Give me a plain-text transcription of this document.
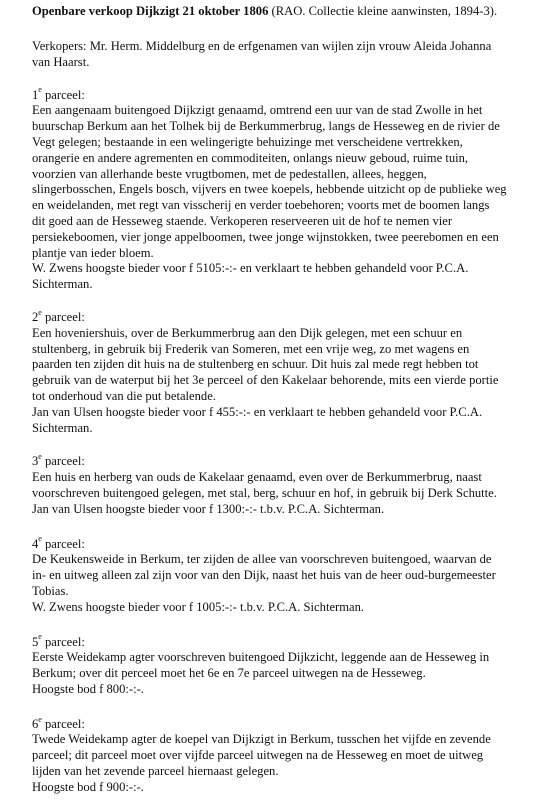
Openbare verkoop Dijkzigt 21 oktober 1806 (RAO. Collectie kleine aanwinsten, 1894-3).

Verkopers: Mr. Herm. Middelburg en de erfgenamen van wijlen zijn vrouw Aleida Johanna
van Haarst.
1e parceel:
Een aangenaam buitengoed Dijkzigt genaamd, omtrend een uur van de stad Zwolle in het
buurschap Berkum aan het Tolhek bij de Berkummerbrug, langs de Hesseweg en de rivier de
Vegt gelegen; bestaande in een welingerigte behuizinge met verscheidene vertrekken,
orangerie en andere agrementen en commoditeiten, onlangs nieuw geboud, ruime tuin,
voorzien van allerhande beste vrugtbomen, met de pedestallen, allees, heggen,
slingerbosschen, Engels bosch, vijvers en twee koepels, hebbende uitzicht op de publieke weg
en weidelanden, met regt van visscherij en verder toebehoren; voorts met de boomen langs
dit goed aan de Hesseweg staende. Verkoperen reserveeren uit de hof te nemen vier
persiekeboomen, vier jonge appelboomen, twee jonge wijnstokken, twee peerebomen en een
plantje van ieder bloem.
W. Zwens hoogste bieder voor f 5105:-:- en verklaart te hebben gehandeld voor P.C.A.
Sichterman.
2e parceel:
Een hoveniershuis, over de Berkummerbrug aan den Dijk gelegen, met een schuur en
stultenberg, in gebruik bij Frederik van Someren, met een vrije weg, zo met wagens en
paarden ten zijden dit huis na de stultenberg en schuur. Dit huis zal mede regt hebben tot
gebruik van de waterput bij het 3e perceel of den Kakelaar behorende, mits een vierde portie
tot onderhoud van die put betalende.
Jan van Ulsen hoogste bieder voor f 455:-:- en verklaart te hebben gehandeld voor P.C.A.
Sichterman.
3e parceel:
Een huis en herberg van ouds de Kakelaar genaamd, even over de Berkummerbrug, naast
voorschreven buitengoed gelegen, met stal, berg, schuur en hof, in gebruik bij Derk Schutte.
Jan van Ulsen hoogste bieder voor f 1300:-:- t.b.v. P.C.A. Sichterman.
4e parceel:
De Keukensweide in Berkum, ter zijden de allee van voorschreven buitengoed, waarvan de
in- en uitweg alleen zal zijn voor van den Dijk, naast het huis van de heer oud-burgemeester
Tobias.
W. Zwens hoogste bieder voor f 1005:-:- t.b.v. P.C.A. Sichterman.
5e parceel:
Eerste Weidekamp agter voorschreven buitengoed Dijkzicht, leggende aan de Hesseweg in
Berkum; over dit perceel moet het 6e en 7e parceel uitwegen na de Hesseweg.
Hoogste bod f 800:-:-.
6e parceel:
Twede Weidekamp agter de koepel van Dijkzigt in Berkum, tusschen het vijfde en zevende
parceel; dit parceel moet over vijfde parceel uitwegen na de Hesseweg en moet de uitweg
lijden van het zevende parceel hiernaast gelegen.
Hoogste bod f 900:-:-.
